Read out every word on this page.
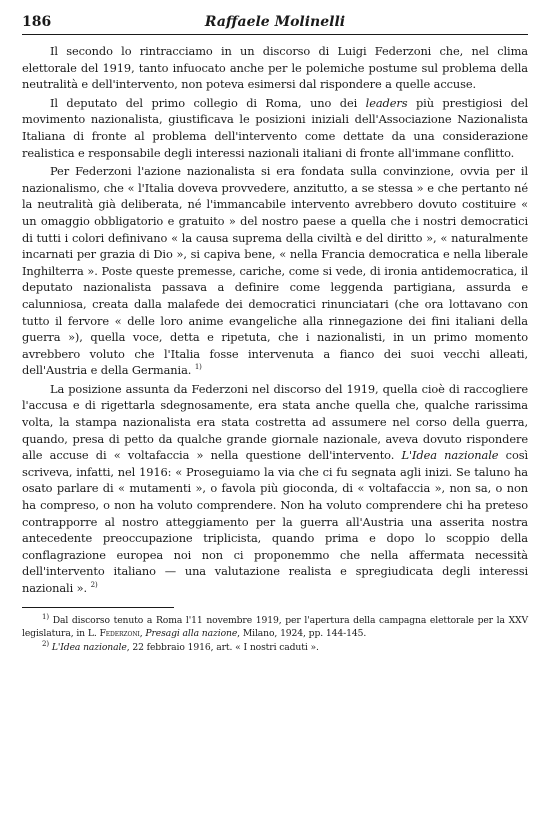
186	Raffaele Molinelli

Il secondo lo rintracciamo in un discorso di Luigi Federzoni che, nel clima elettorale del 1919, tanto infuocato anche per le polemiche postume sul problema della neutralità e dell'intervento, non poteva esimersi dal rispondere a quelle accuse.

Il deputato del primo collegio di Roma, uno dei leaders più prestigiosi del movimento nazionalista, giustificava le posizioni iniziali dell'Associazione Nazionalista Italiana di fronte al problema dell'intervento come dettate da una considerazione realistica e responsabile degli interessi nazionali italiani di fronte all'immane conflitto.

Per Federzoni l'azione nazionalista si era fondata sulla convinzione, ovvia per il nazionalismo, che « l'Italia doveva provvedere, anzitutto, a se stessa » e che pertanto né la neutralità già deliberata, né l'immancabile intervento avrebbero dovuto costituire « un omaggio obbligatorio e gratuito » del nostro paese a quella che i nostri democratici di tutti i colori definivano « la causa suprema della civiltà e del diritto », « naturalmente incarnati per grazia di Dio », si capiva bene, « nella Francia democratica e nella liberale Inghilterra ». Poste queste premesse, cariche, come si vede, di ironia antidemocratica, il deputato nazionalista passava a definire come leggenda partigiana, assurda e calunniosa, creata dalla malafede dei democratici rinunciatari (che ora lottavano con tutto il fervore « delle loro anime evangeliche alla rinnegazione dei fini italiani della guerra »), quella voce, detta e ripetuta, che i nazionalisti, in un primo momento avrebbero voluto che l'Italia fosse intervenuta a fianco dei suoi vecchi alleati, dell'Austria e della Germania. $^{1)}$

La posizione assunta da Federzoni nel discorso del 1919, quella cioè di raccogliere l'accusa e di rigettarla sdegnosamente, era stata anche quella che, qualche rarissima volta, la stampa nazionalista era stata costretta ad assumere nel corso della guerra, quando, presa di petto da qualche grande giornale nazionale, aveva dovuto rispondere alle accuse di « voltafaccia » nella questione dell'intervento. L'Idea nazionale così scriveva, infatti, nel 1916: « Proseguiamo la via che ci fu segnata agli inizi. Se taluno ha osato parlare di « mutamenti », o favola più gioconda, di « voltafaccia », non sa, o non ha compreso, o non ha voluto comprendere. Non ha voluto comprendere chi ha preteso contrapporre al nostro atteggiamento per la guerra all'Austria una asserita nostra antecedente preoccupazione triplicista, quando prima e dopo lo scoppio della conflagrazione europea noi non ci proponemmo che nella affermata necessità dell'intervento italiano — una valutazione realista e spregiudicata degli interessi nazionali ». $^{2)}$

$^{1)}$ Dal discorso tenuto a Roma l'11 novembre 1919, per l'apertura della campagna elettorale per la XXV legislatura, in L. Federzoni, Presagi alla nazione, Milano, 1924, pp. 144-145.

$^{2)}$ L'Idea nazionale, 22 febbraio 1916, art. « I nostri caduti ».
